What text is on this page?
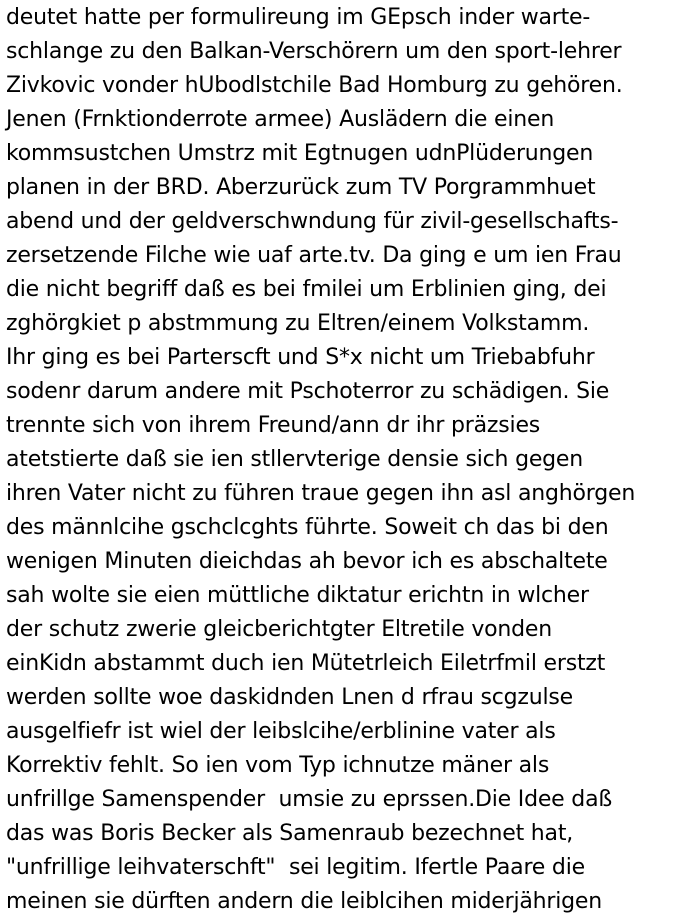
deutet hatte per formulireung im GEpsch inder warte-
schlange zu den Balkan-Verschörern um den sport-lehrer
Zivkovic vonder hUbodlstchile Bad Homburg zu gehören.
Jenen (Frnktionderrote armee) Auslädern die einen
kommsustchen Umstrz mit Egtnugen udnPlüderungen
planen in der BRD. Aberzurück zum TV Porgrammhuet
abend und der geldverschwndung für zivil-gesellschafts-
zersetzende Filche wie uaf arte.tv. Da ging e um ien Frau
die nicht begriff daß es bei fmilei um Erblinien ging, dei
zghörgkiet p abstmmung zu Eltren/einem Volkstamm.
Ihr ging es bei Parterscft und S*x nicht um Triebabfuhr
sodenr darum andere mit Pschoterror zu schädigen. Sie
trennte sich von ihrem Freund/ann dr ihr präzsies
atetstierte daß sie ien stllervterige densie sich gegen
ihren Vater nicht zu führen traue gegen ihn asl anghörgen
des männlcihe gschclcghts führte. Soweit ch das bi den
wenigen Minuten dieichdas ah bevor ich es abschaltete
sah wolte sie eien müttliche diktatur erichtn in wlcher
der schutz zwerie gleicberichtgter Eltretile vonden
einKidn abstammt duch ien Mütetrleich Eiletrfmil erstzt
werden sollte woe daskidnden Lnen d rfrau scgzulse
ausgelfiefr ist wiel der leibslcihe/erblinine vater als
Korrektiv fehlt. So ien vom Typ ichnutze mäner als
unfrillge Samenspender  umsie zu eprssen.Die Idee daß
das was Boris Becker als Samenraub bezechnet hat,
"unfrillige leihvaterschft"  sei legitim. Ifertle Paare die
meinen sie dürften andern die leiblcihen miderjährigen
